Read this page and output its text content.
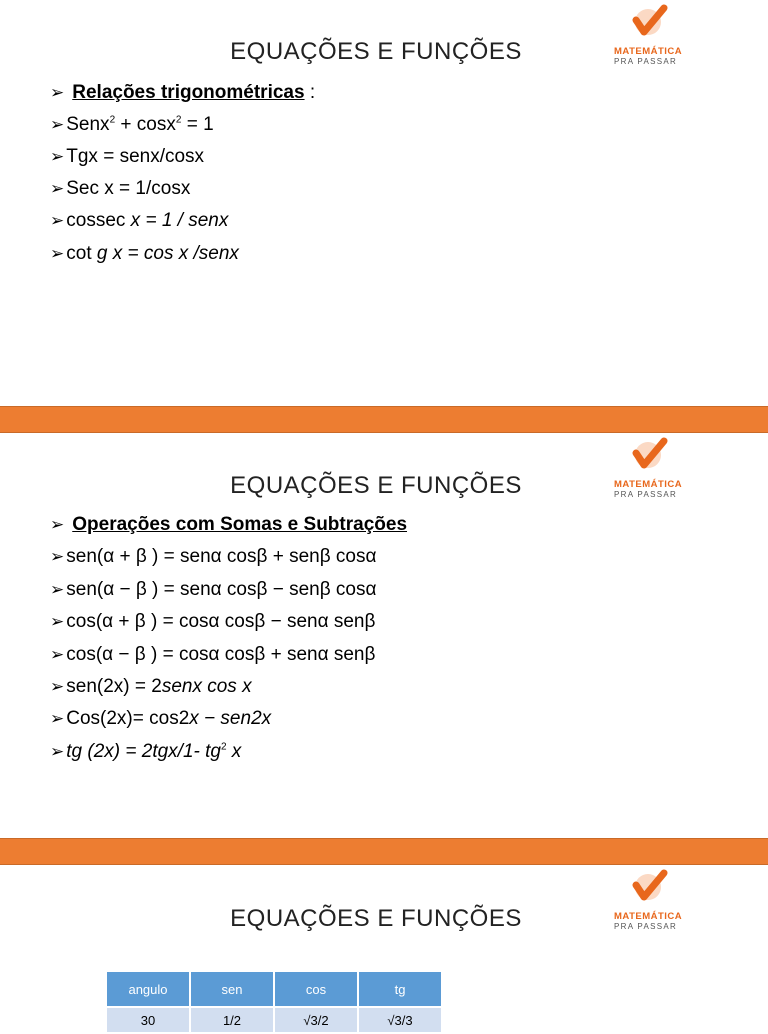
EQUAÇÕES E FUNÇÕES	MATEMÁTICA
PRA PASSAR
➢ Relações trigonométricas :
➢ Senx$^2$ + cosx$^2$ = 1
➢ Tgx = senx/cosx
➢ Sec x = 1/cosx
➢ cossec x = 1 / senx
➢ cot g x = cos x /senx
EQUAÇÕES E FUNÇÕES	MATEMÁTICA
PRA PASSAR
➢ Operações com Somas e Subtrações
➢ sen(α + β ) = senα cosβ + senβ cosα
➢ sen(α − β ) = senα cosβ − senβ cosα
➢ cos(α + β ) = cosα cosβ − senα senβ
➢ cos(α − β ) = cosα cosβ + senα senβ
➢ sen(2x) = 2senx cos x
➢ Cos(2x)= cos2x − sen2x
➢ tg (2x) = 2tgx/1- $tg^2$ x
EQUAÇÕES E FUNÇÕES	MATEMÁTICA
PRA PASSAR
angulo	sen	cos	tg
30	1/2	√3/2	√3/3
